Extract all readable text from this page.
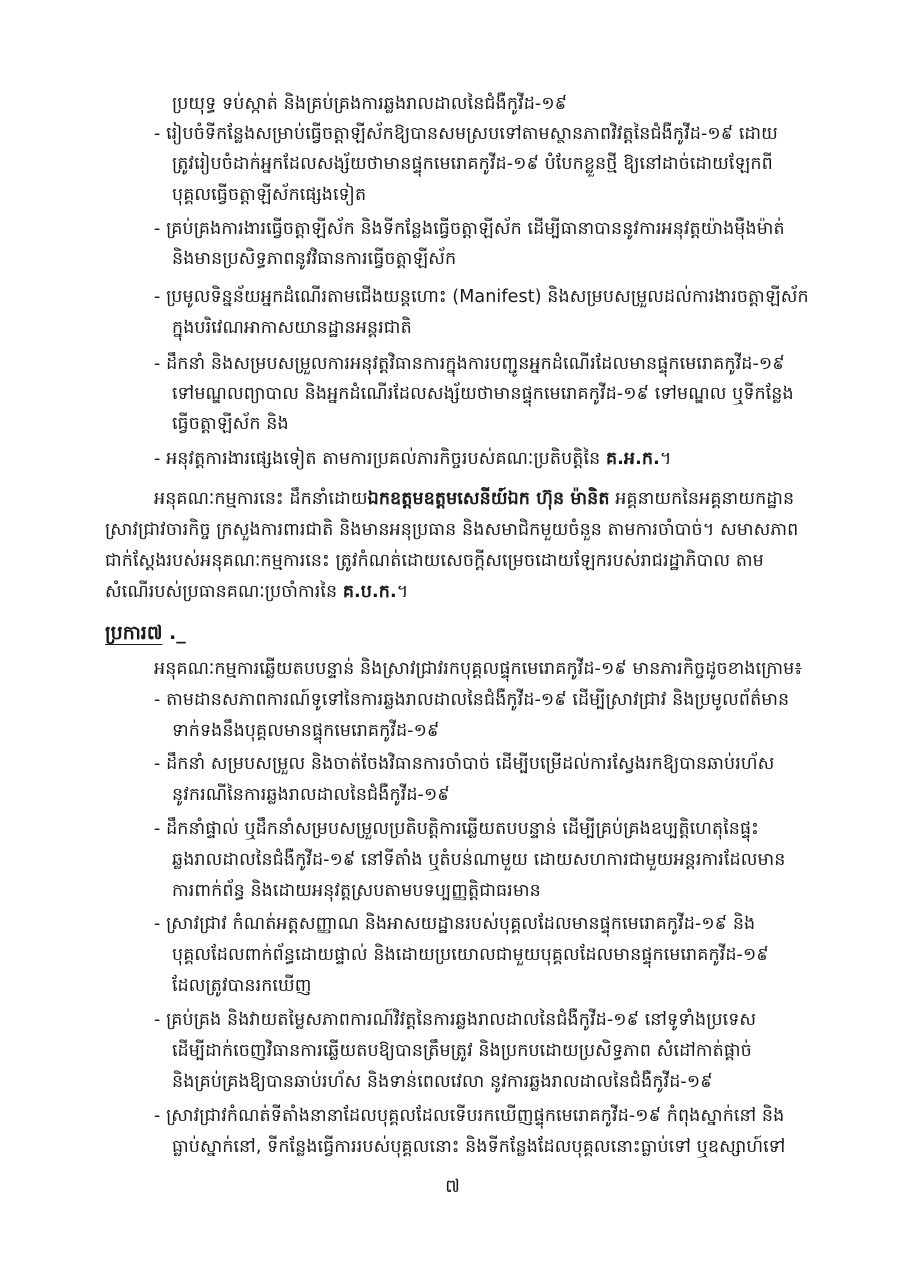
ប្រយុទ្ធ ទប់ស្កាត់ និងគ្រប់គ្រងការឆ្លងរាលដាលនៃជំងឺកូវីដ-១៩
- រៀបចំទីកន្លែងសម្រាប់ធ្វើចត្តាឡីស័កឱ្យបានសមស្របទៅតាមស្ថានភាពវិវត្តនៃជំងឺកូវីដ-១៩ ដោយ
ត្រូវរៀបចំដាក់អ្នកដែលសង្ស័យថាមានផ្ទុកមេរោគកូវីដ-១៩ បំបែកខ្លួនថ្មី ឱ្យនៅដាច់ដោយឡែកពី
បុគ្គលធ្វើចត្តាឡីស័កផ្សេងទៀត
- គ្រប់គ្រងការងារធ្វើចត្តាឡីស័ក និងទីកន្លែងធ្វើចត្តាឡីស័ក ដើម្បីធានាបាននូវការអនុវត្តយ៉ាងម៉ឺងម៉ាត់
និងមានប្រសិទ្ធភាពនូវវិធានការធ្វើចត្តាឡីស័ក
- ប្រមូលទិន្នន័យអ្នកដំណើរតាមជើងយន្តហោះ (Manifest) និងសម្របសម្រួលដល់ការងារចត្តាឡីស័ក
ក្នុងបរិវេណអាកាសយានដ្ឋានអន្តរជាតិ
- ដឹកនាំ និងសម្របសម្រួលការអនុវត្តវិធានការក្នុងការបញ្ជូនអ្នកដំណើរដែលមានផ្ទុកមេរោគកូវីដ-១៩
ទៅមណ្ឌលព្យាបាល និងអ្នកដំណើរដែលសង្ស័យថាមានផ្ទុកមេរោគកូវីដ-១៩ ទៅមណ្ឌល ឬទីកន្លែង
ធ្វើចត្តាឡីស័ក និង
- អនុវត្តការងារផ្សេងទៀត តាមការប្រគល់ភារកិច្ចរបស់គណៈប្រតិបត្តិនៃ គ.អ.ក.។
អនុគណៈកម្មការនេះ ដឹកនាំដោយឯកឧត្តមឧត្តមសេនីយ៍ឯក ហ៊ុន ម៉ានិត អគ្គនាយកនៃអគ្គនាយកដ្ឋាន
ស្រាវជ្រាវចារកិច្ច ក្រសួងការពារជាតិ និងមានអនុប្រធាន និងសមាជិកមួយចំនួន តាមការចាំបាច់។ សមាសភាព
ជាក់ស្តែងរបស់អនុគណៈកម្មការនេះ ត្រូវកំណត់ដោយសេចក្តីសម្រេចដោយឡែករបស់រាជរដ្ឋាភិបាល តាម
សំណើរបស់ប្រធានគណៈប្រចាំការនៃ គ.ប.ក.។
ប្រការ៧ ._
អនុគណៈកម្មការឆ្លើយតបបន្ទាន់ និងស្រាវជ្រាវរកបុគ្គលផ្ទុកមេរោគកូវីដ-១៩ មានភារកិច្ចដូចខាងក្រោម៖
- តាមដានសភាពការណ៍ទូទៅនៃការឆ្លងរាលដាលនៃជំងឺកូវីដ-១៩ ដើម្បីស្រាវជ្រាវ និងប្រមូលព័ត៌មាន
ទាក់ទងនឹងបុគ្គលមានផ្ទុកមេរោគកូវីដ-១៩
- ដឹកនាំ សម្របសម្រួល និងចាត់ចែងវិធានការចាំបាច់ ដើម្បីបម្រើដល់ការស្វែងរកឱ្យបានឆាប់រហ័ស
នូវករណីនៃការឆ្លងរាលដាលនៃជំងឺកូវីដ-១៩
- ដឹកនាំផ្ទាល់ ឬដឹកនាំសម្របសម្រួលប្រតិបត្តិការឆ្លើយតបបន្ទាន់ ដើម្បីគ្រប់គ្រងឧប្បត្តិហេតុនៃផ្ទុះ
ឆ្លងរាលដាលនៃជំងឺកូវីដ-១៩ នៅទីតាំង ឬតំបន់ណាមួយ ដោយសហការជាមួយអន្តរការដែលមាន
ការពាក់ព័ន្ធ និងដោយអនុវត្តស្របតាមបទប្បញ្ញត្តិជាធរមាន
- ស្រាវជ្រាវ កំណត់អត្តសញ្ញាណ និងអាសយដ្ឋានរបស់បុគ្គលដែលមានផ្ទុកមេរោគកូវីដ-១៩ និង
បុគ្គលដែលពាក់ព័ន្ធដោយផ្ទាល់ និងដោយប្រយោលជាមួយបុគ្គលដែលមានផ្ទុកមេរោគកូវីដ-១៩
ដែលត្រូវបានរកឃើញ
- គ្រប់គ្រង និងវាយតម្លៃសភាពការណ៍វិវត្តនៃការឆ្លងរាលដាលនៃជំងឺកូវីដ-១៩ នៅទូទាំងប្រទេស
ដើម្បីដាក់ចេញវិធានការឆ្លើយតបឱ្យបានត្រឹមត្រូវ និងប្រកបដោយប្រសិទ្ធភាព សំដៅកាត់ផ្តាច់
និងគ្រប់គ្រងឱ្យបានឆាប់រហ័ស និងទាន់ពេលវេលា នូវការឆ្លងរាលដាលនៃជំងឺកូវីដ-១៩
- ស្រាវជ្រាវកំណត់ទីតាំងនានាដែលបុគ្គលដែលទើបរកឃើញផ្ទុកមេរោគកូវីដ-១៩ កំពុងស្នាក់នៅ និង
ធ្លាប់ស្នាក់នៅ, ទីកន្លែងធ្វើការរបស់បុគ្គលនោះ និងទីកន្លែងដែលបុគ្គលនោះធ្លាប់ទៅ ឬឧស្សាហ៍ទៅ
៧
